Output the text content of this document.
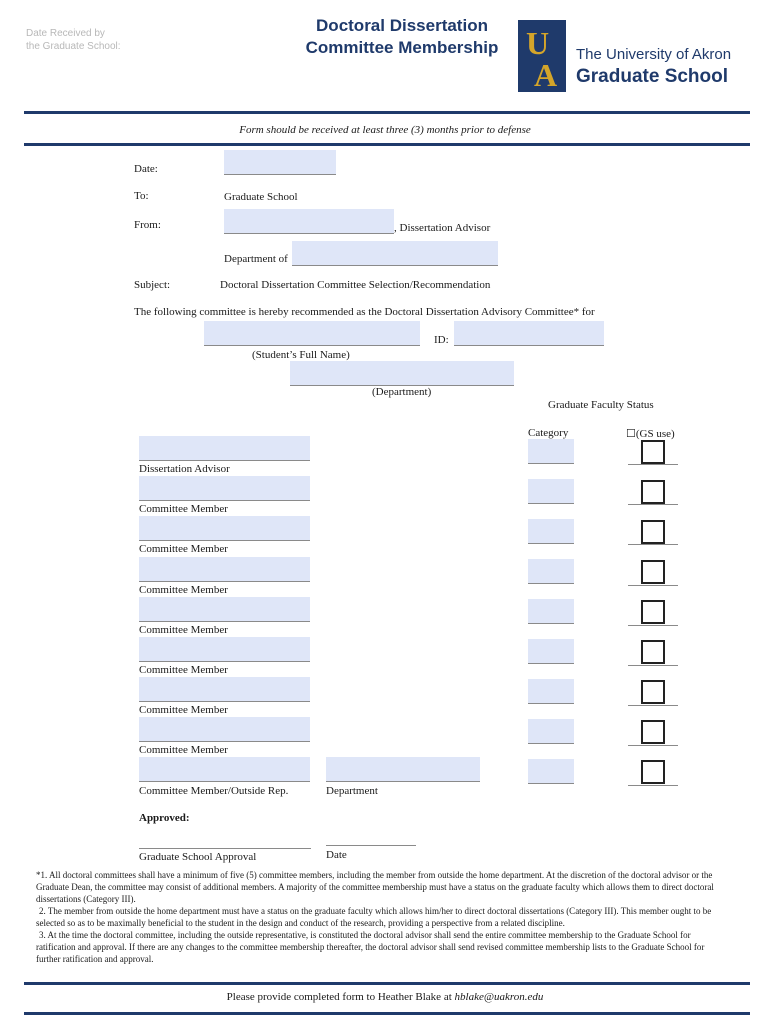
Date Received by
the Graduate School:
Doctoral Dissertation
Committee Membership U
A
The University of Akron
Graduate School
Form should be received at least three (3) months prior to defense
Date:
To:	Graduate School
From:	, Dissertation Advisor
Department of
Subject:	Doctoral Dissertation Committee Selection/Recommendation
The following committee is hereby recommended as the Doctoral Dissertation Advisory Committee* for
ID:
(Student’s Full Name)
(Department)
Graduate Faculty Status
Category	☐(GS use)
Dissertation Advisor
Committee Member
Committee Member
Committee Member
Committee Member
Committee Member
Committee Member
Committee Member
Committee Member/Outside Rep.	Department
Approved:
Graduate School Approval	Date

*1. All doctoral committees shall have a minimum of five (5) committee members, including the member from outside the home department. At the discretion of the doctoral advisor or the Graduate Dean, the committee may consist of additional members. A majority of the committee membership must have a status on the graduate faculty which allows them to direct doctoral dissertations (Category III).

2. The member from outside the home department must have a status on the graduate faculty which allows him/her to direct doctoral dissertations (Category III). This member ought to be selected so as to be maximally beneficial to the student in the design and conduct of the research, providing a perspective from a related discipline.

3. At the time the doctoral committee, including the outside representative, is constituted the doctoral advisor shall send the entire committee membership to the Graduate School for ratification and approval. If there are any changes to the committee membership thereafter, the doctoral advisor shall send revised committee membership lists to the Graduate School for further ratification and approval.

Please provide completed form to Heather Blake at hblake@uakron.edu
